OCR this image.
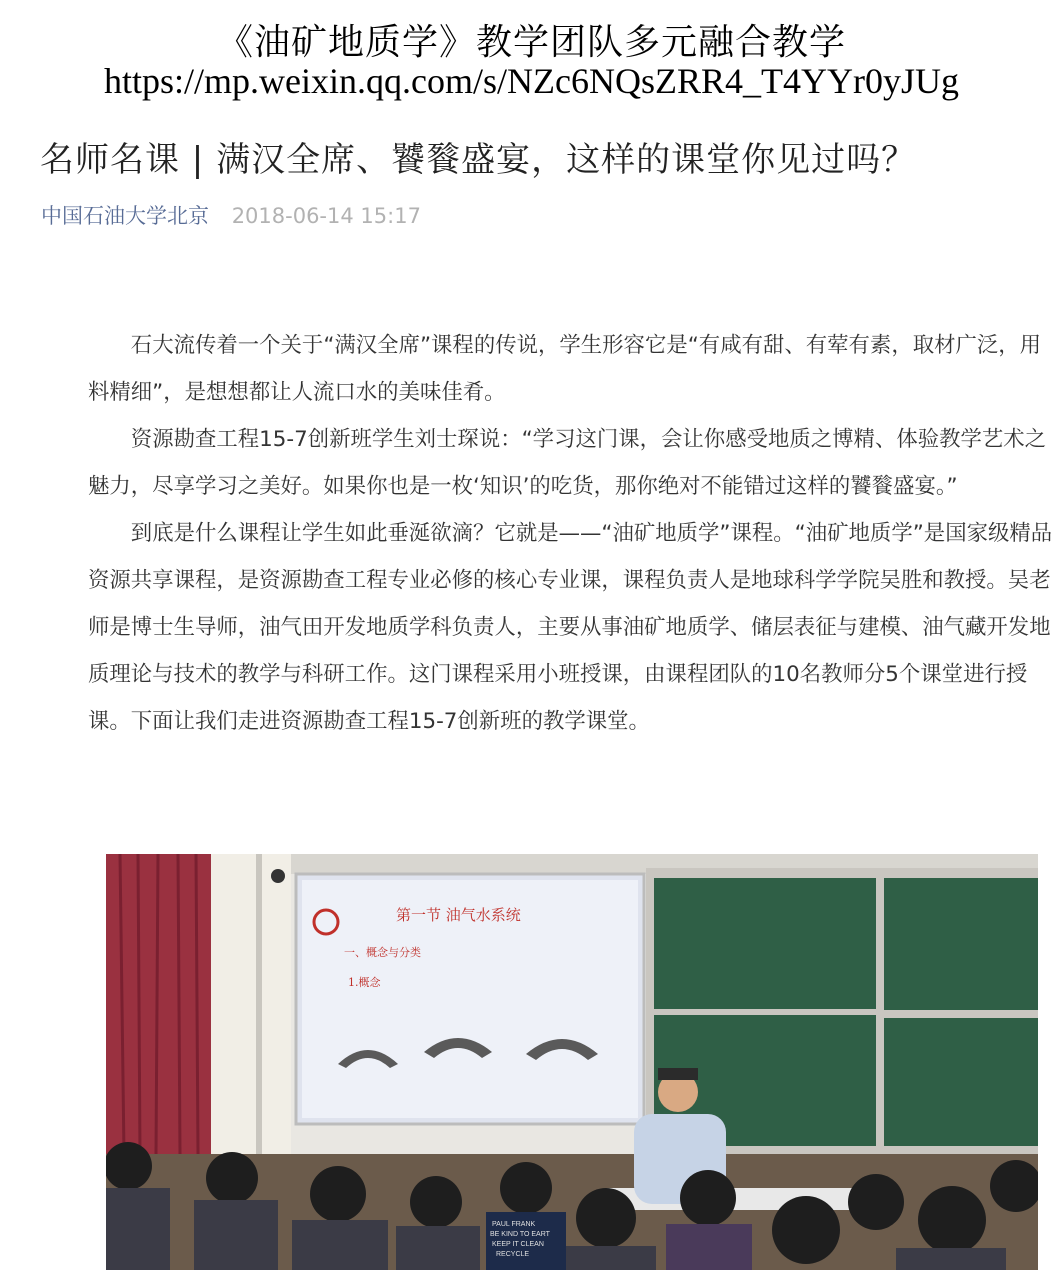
《油矿地质学》教学团队多元融合教学
https://mp.weixin.qq.com/s/NZc6NQsZRR4_T4YYr0yJUg
名师名课 | 满汉全席、饕餮盛宴，这样的课堂你见过吗？
中国石油大学北京 2018-06-14 15:17

石大流传着一个关于“满汉全席”课程的传说，学生形容它是“有咸有甜、有荤有素，取材广泛，用料精细”，是想想都让人流口水的美味佳肴。

资源勘查工程15-7创新班学生刘士琛说：“学习这门课，会让你感受地质之博精、体验教学艺术之魅力，尽享学习之美好。如果你也是一枚‘知识’的吃货，那你绝对不能错过这样的饕餮盛宴。”

到底是什么课程让学生如此垂涎欲滴？它就是——“油矿地质学”课程。“油矿地质学”是国家级精品资源共享课程，是资源勘查工程专业必修的核心专业课，课程负责人是地球科学学院吴胜和教授。吴老师是博士生导师，油气田开发地质学科负责人，主要从事油矿地质学、储层表征与建模、油气藏开发地质理论与技术的教学与科研工作。这门课程采用小班授课，由课程团队的10名教师分5个课堂进行授课。下面让我们走进资源勘查工程15-7创新班的教学课堂。

第一节 油气水系统
一、概念与分类
1.概念
PAUL FRANK
BE KIND TO EART
KEEP IT CLEAN
RECYCLE
